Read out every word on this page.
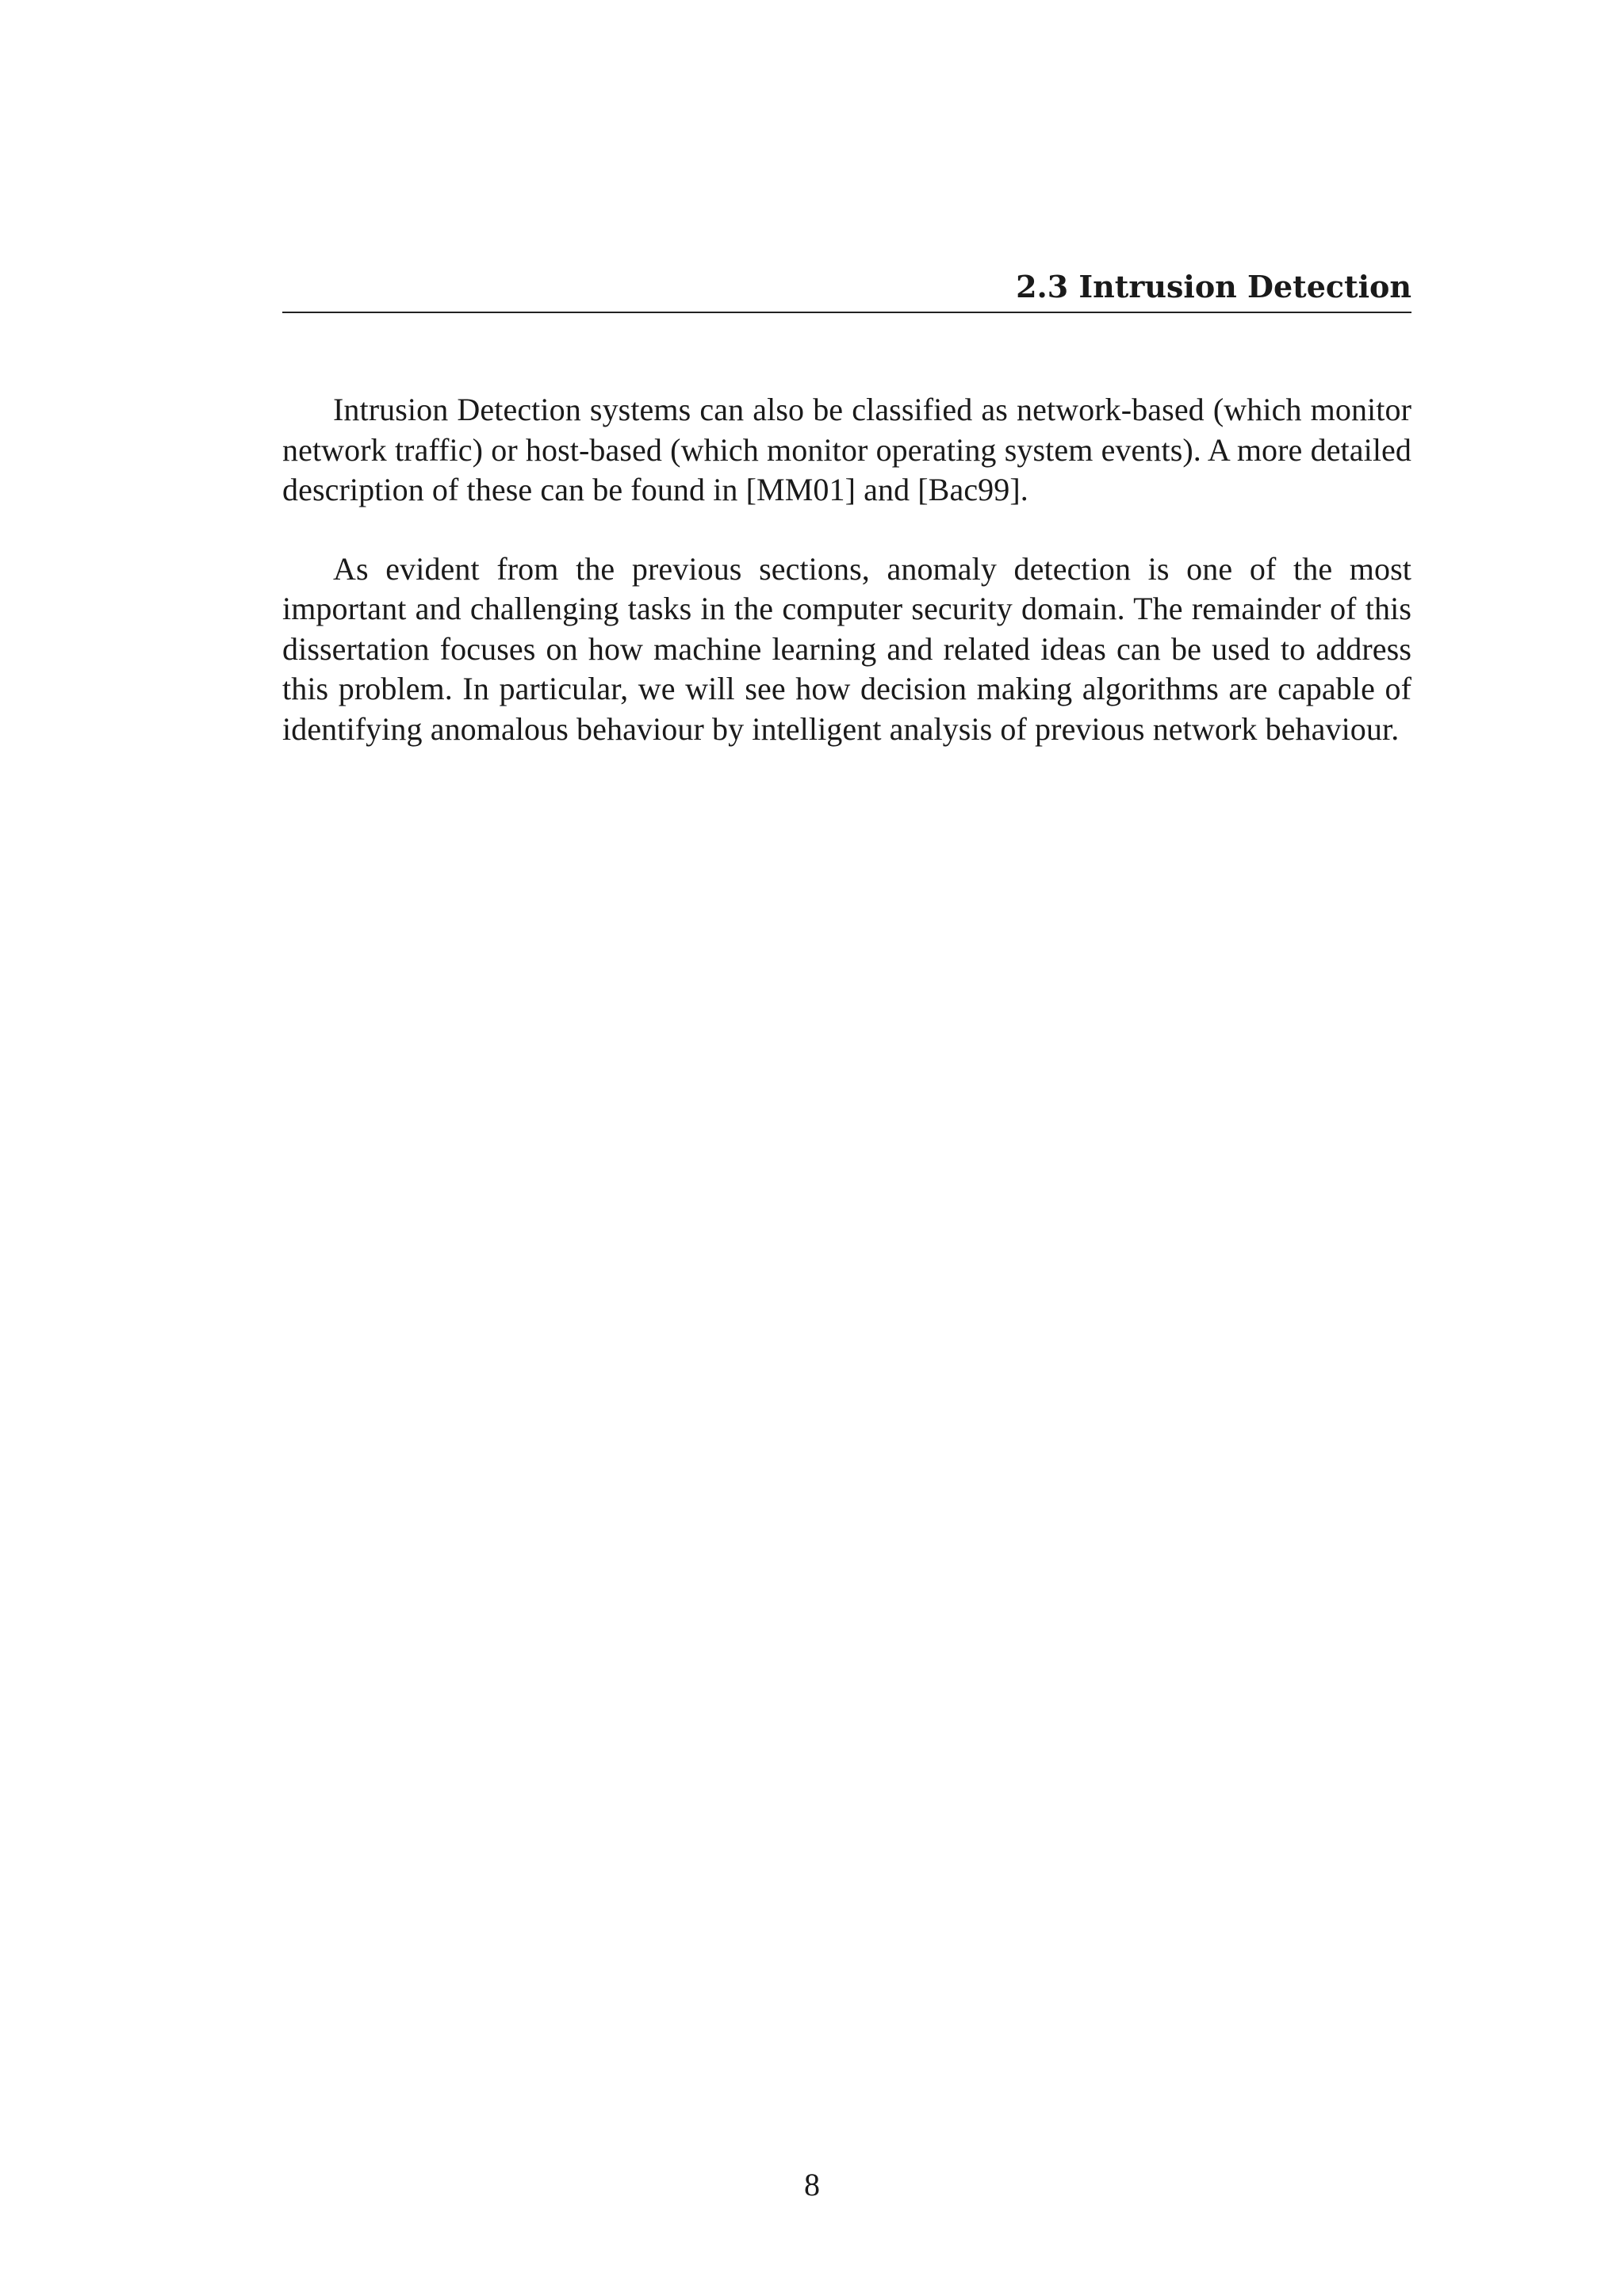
2.3 Intrusion Detection

Intrusion Detection systems can also be classified as network-based (which monitor network traffic) or host-based (which monitor operating system events). A more detailed description of these can be found in [MM01] and [Bac99].

As evident from the previous sections, anomaly detection is one of the most important and challenging tasks in the computer security domain. The remainder of this dissertation focuses on how machine learning and related ideas can be used to address this problem. In particular, we will see how decision making algorithms are capable of identifying anomalous behaviour by intelligent analysis of previous network behaviour.

8
